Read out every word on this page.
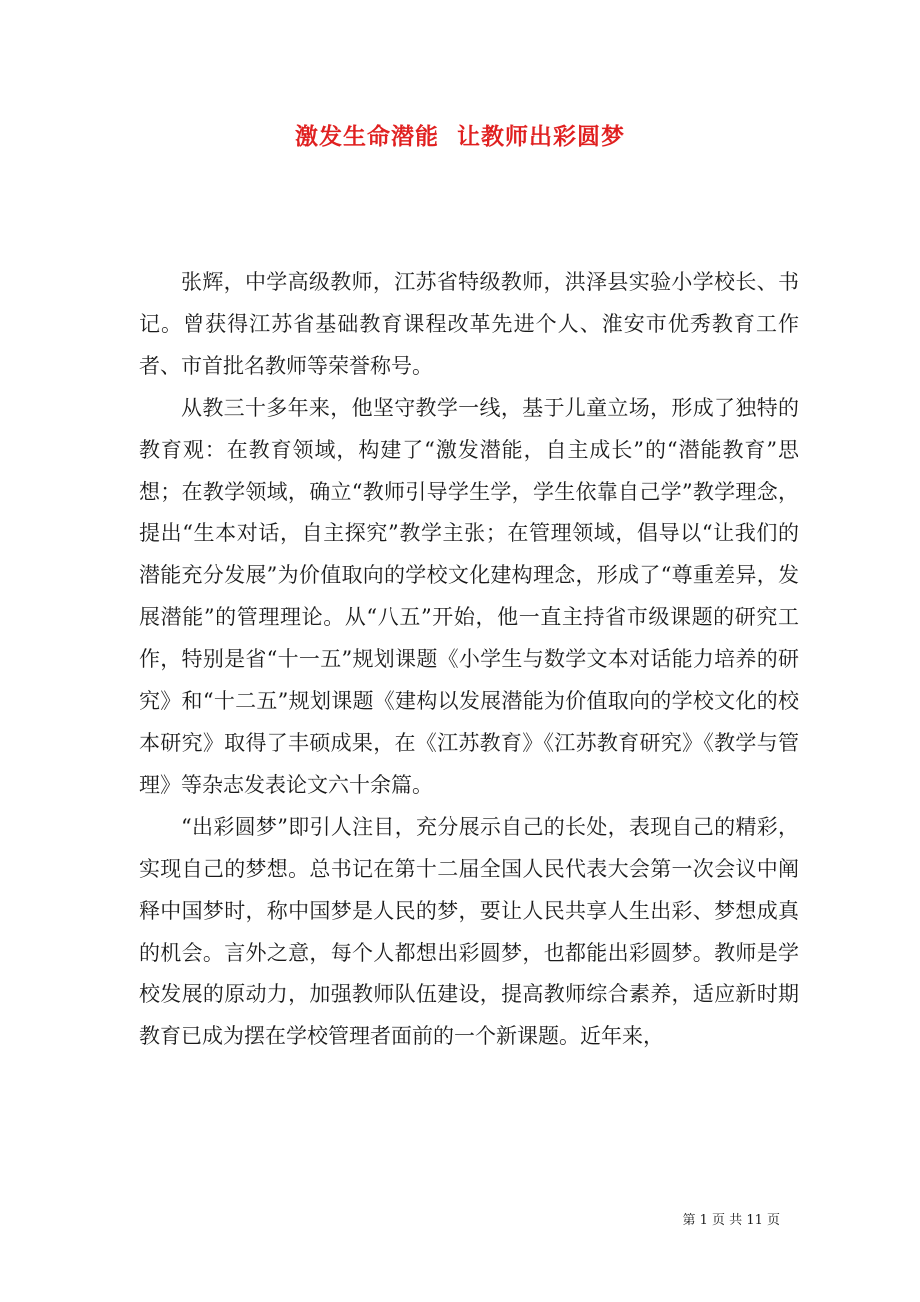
激发生命潜能  让教师出彩圆梦

张辉，中学高级教师，江苏省特级教师，洪泽县实验小学校长、书记。曾获得江苏省基础教育课程改革先进个人、淮安市优秀教育工作者、市首批名教师等荣誉称号。

从教三十多年来，他坚守教学一线，基于儿童立场，形成了独特的教育观：在教育领域，构建了“激发潜能，自主成长”的“潜能教育”思想；在教学领域，确立“教师引导学生学，学生依靠自己学”教学理念，提出“生本对话，自主探究”教学主张；在管理领域，倡导以“让我们的潜能充分发展”为价值取向的学校文化建构理念，形成了“尊重差异，发展潜能”的管理理论。从“八五”开始，他一直主持省市级课题的研究工作，特别是省“十一五”规划课题《小学生与数学文本对话能力培养的研究》和“十二五”规划课题《建构以发展潜能为价值取向的学校文化的校本研究》取得了丰硕成果，在《江苏教育》《江苏教育研究》《教学与管理》等杂志发表论文六十余篇。

“出彩圆梦”即引人注目，充分展示自己的长处，表现自己的精彩，实现自己的梦想。总书记在第十二届全国人民代表大会第一次会议中阐释中国梦时，称中国梦是人民的梦，要让人民共享人生出彩、梦想成真的机会。言外之意，每个人都想出彩圆梦，也都能出彩圆梦。教师是学校发展的原动力，加强教师队伍建设，提高教师综合素养，适应新时期教育已成为摆在学校管理者面前的一个新课题。近年来，

第 1 页 共 11 页
